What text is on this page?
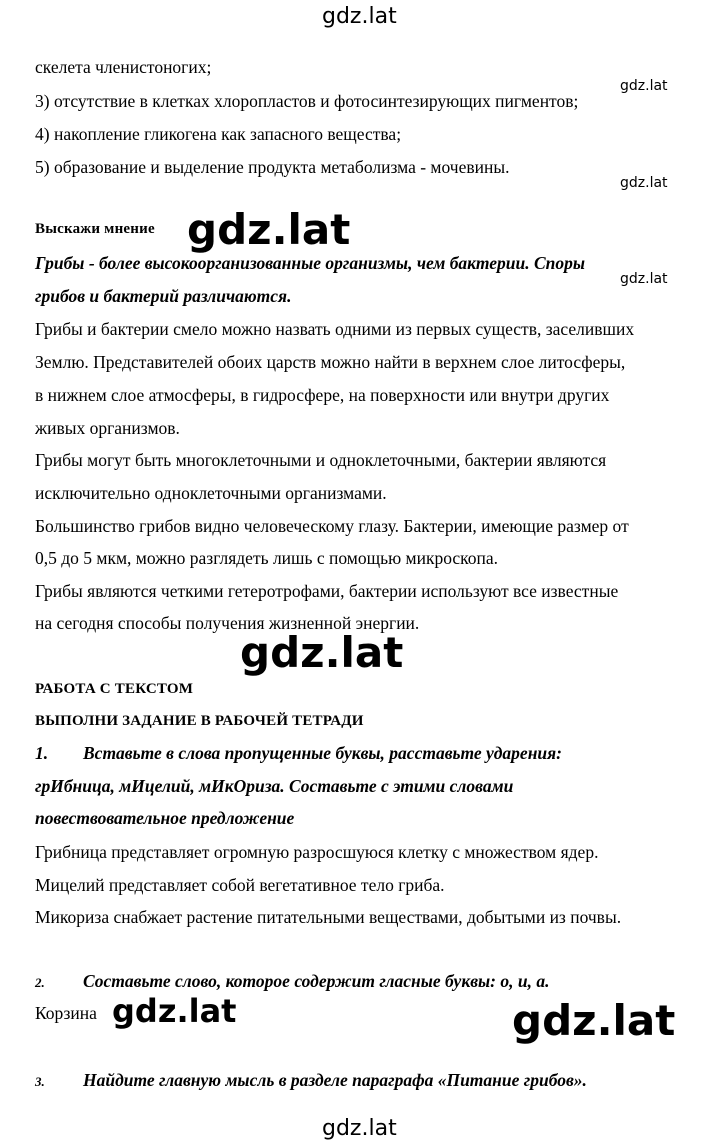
gdz.lat
gdz.lat
gdz.lat
gdz.lat
gdz.lat
gdz.lat
gdz.lat	gdz.lat
gdz.lat
скелета членистоногих;
3) отсутствие в клетках хлоропластов и фотосинтезирующих пигментов;
4) накопление гликогена как запасного вещества;
5) образование и выделение продукта метаболизма - мочевины.
Выскажи мнение
Грибы - более высокоорганизованные организмы, чем бактерии. Споры
грибов и бактерий различаются.
Грибы и бактерии смело можно назвать одними из первых существ, заселивших
Землю. Представителей обоих царств можно найти в верхнем слое литосферы,
в нижнем слое атмосферы, в гидросфере, на поверхности или внутри других
живых организмов.
Грибы могут быть многоклеточными и одноклеточными, бактерии являются
исключительно одноклеточными организмами.
Большинство грибов видно человеческому глазу. Бактерии, имеющие размер от
0,5 до 5 мкм, можно разглядеть лишь с помощью микроскопа.
Грибы являются четкими гетеротрофами, бактерии используют все известные
на сегодня способы получения жизненной энергии.
РАБОТА С ТЕКСТОМ
ВЫПОЛНИ ЗАДАНИЕ В РАБОЧЕЙ ТЕТРАДИ
1. Вставьте в слова пропущенные буквы, расставьте ударения:
грИбница, мИцелий, мИкОриза. Составьте с этими словами
повествовательное предложение
Грибница представляет огромную разросшуюся клетку с множеством ядер.
Мицелий представляет собой вегетативное тело гриба.
Микориза снабжает растение питательными веществами, добытыми из почвы.
2. Составьте слово, которое содержит гласные буквы: о, и, а.
Корзина
3. Найдите главную мысль в разделе параграфа «Питание грибов».
